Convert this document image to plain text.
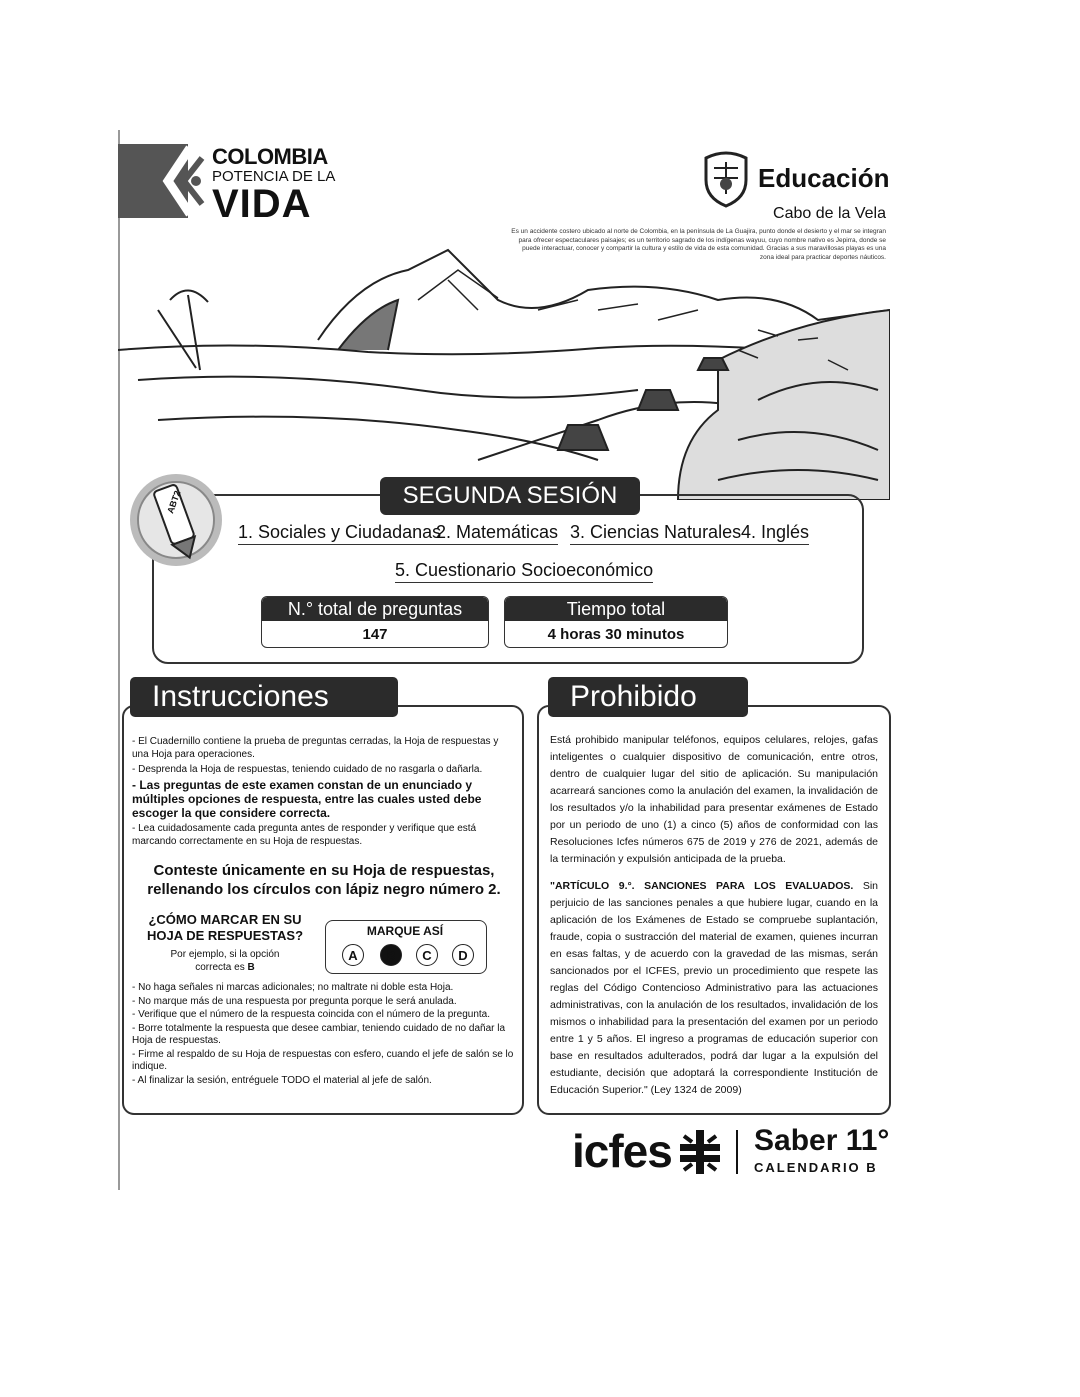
COLOMBIA
POTENCIA DE LA
VIDA
Educación
Cabo de la Vela
Es un accidente costero ubicado al norte de Colombia, en la península de La Guajira, punto donde el desierto y el mar se integran para ofrecer espectaculares paisajes; es un territorio sagrado de los indígenas wayuu, cuyo nombre nativo es Jepirra, donde se puede interactuar, conocer y compartir la cultura y estilo de vida de esta comunidad. Gracias a sus maravillosas playas es una zona ideal para practicar deportes náuticos.
ABT2	SEGUNDA SESIÓN
1. Sociales y Ciudadanas
2. Matemáticas 3. Ciencias Naturales 4. Inglés
5. Cuestionario Socioeconómico
N.° total de preguntas
147
Tiempo total
4 horas 30 minutos
Instrucciones

- El Cuadernillo contiene la prueba de preguntas cerradas, la Hoja de respuestas y una Hoja para operaciones.

- Desprenda la Hoja de respuestas, teniendo cuidado de no rasgarla o dañarla.

- Las preguntas de este examen constan de un enunciado y múltiples opciones de respuesta, entre las cuales usted debe escoger la que considere correcta.

- Lea cuidadosamente cada pregunta antes de responder y verifique que está marcando correctamente en su Hoja de respuestas.

Conteste únicamente en su Hoja de respuestas, rellenando los círculos con lápiz negro número 2.
¿CÓMO MARCAR EN SU HOJA DE RESPUESTAS?
Por ejemplo, si la opción correcta es B
MARQUE ASÍ
A	B	C	D

- No haga señales ni marcas adicionales; no maltrate ni doble esta Hoja.

- No marque más de una respuesta por pregunta porque le será anulada.

- Verifique que el número de la respuesta coincida con el número de la pregunta.

- Borre totalmente la respuesta que desee cambiar, teniendo cuidado de no dañar la Hoja de respuestas.

- Firme al respaldo de su Hoja de respuestas con esfero, cuando el jefe de salón se lo indique.

- Al finalizar la sesión, entréguele TODO el material al jefe de salón.

Prohibido
Está prohibido manipular teléfonos, equipos celulares, relojes, gafas inteligentes o cualquier dispositivo de comunicación, entre otros, dentro de cualquier lugar del sitio de aplicación. Su manipulación acarreará sanciones como la anulación del examen, la invalidación de los resultados y/o la inhabilidad para presentar exámenes de Estado por un periodo de uno (1) a cinco (5) años de conformidad con las Resoluciones Icfes números 675 de 2019 y 276 de 2021, además de la terminación y expulsión anticipada de la prueba.
"ARTÍCULO 9.°. SANCIONES PARA LOS EVALUADOS. Sin perjuicio de las sanciones penales a que hubiere lugar, cuando en la aplicación de los Exámenes de Estado se compruebe suplantación, fraude, copia o sustracción del material de examen, quienes incurran en esas faltas, y de acuerdo con la gravedad de las mismas, serán sancionados por el ICFES, previo un procedimiento que respete las reglas del Código Contencioso Administrativo para las actuaciones administrativas, con la anulación de los resultados, invalidación de los mismos o inhabilidad para la presentación del examen por un periodo entre 1 y 5 años. El ingreso a programas de educación superior con base en resultados adulterados, podrá dar lugar a la expulsión del estudiante, decisión que adoptará la correspondiente Institución de Educación Superior." (Ley 1324 de 2009)
icfes	Saber 11°
CALENDARIO B
